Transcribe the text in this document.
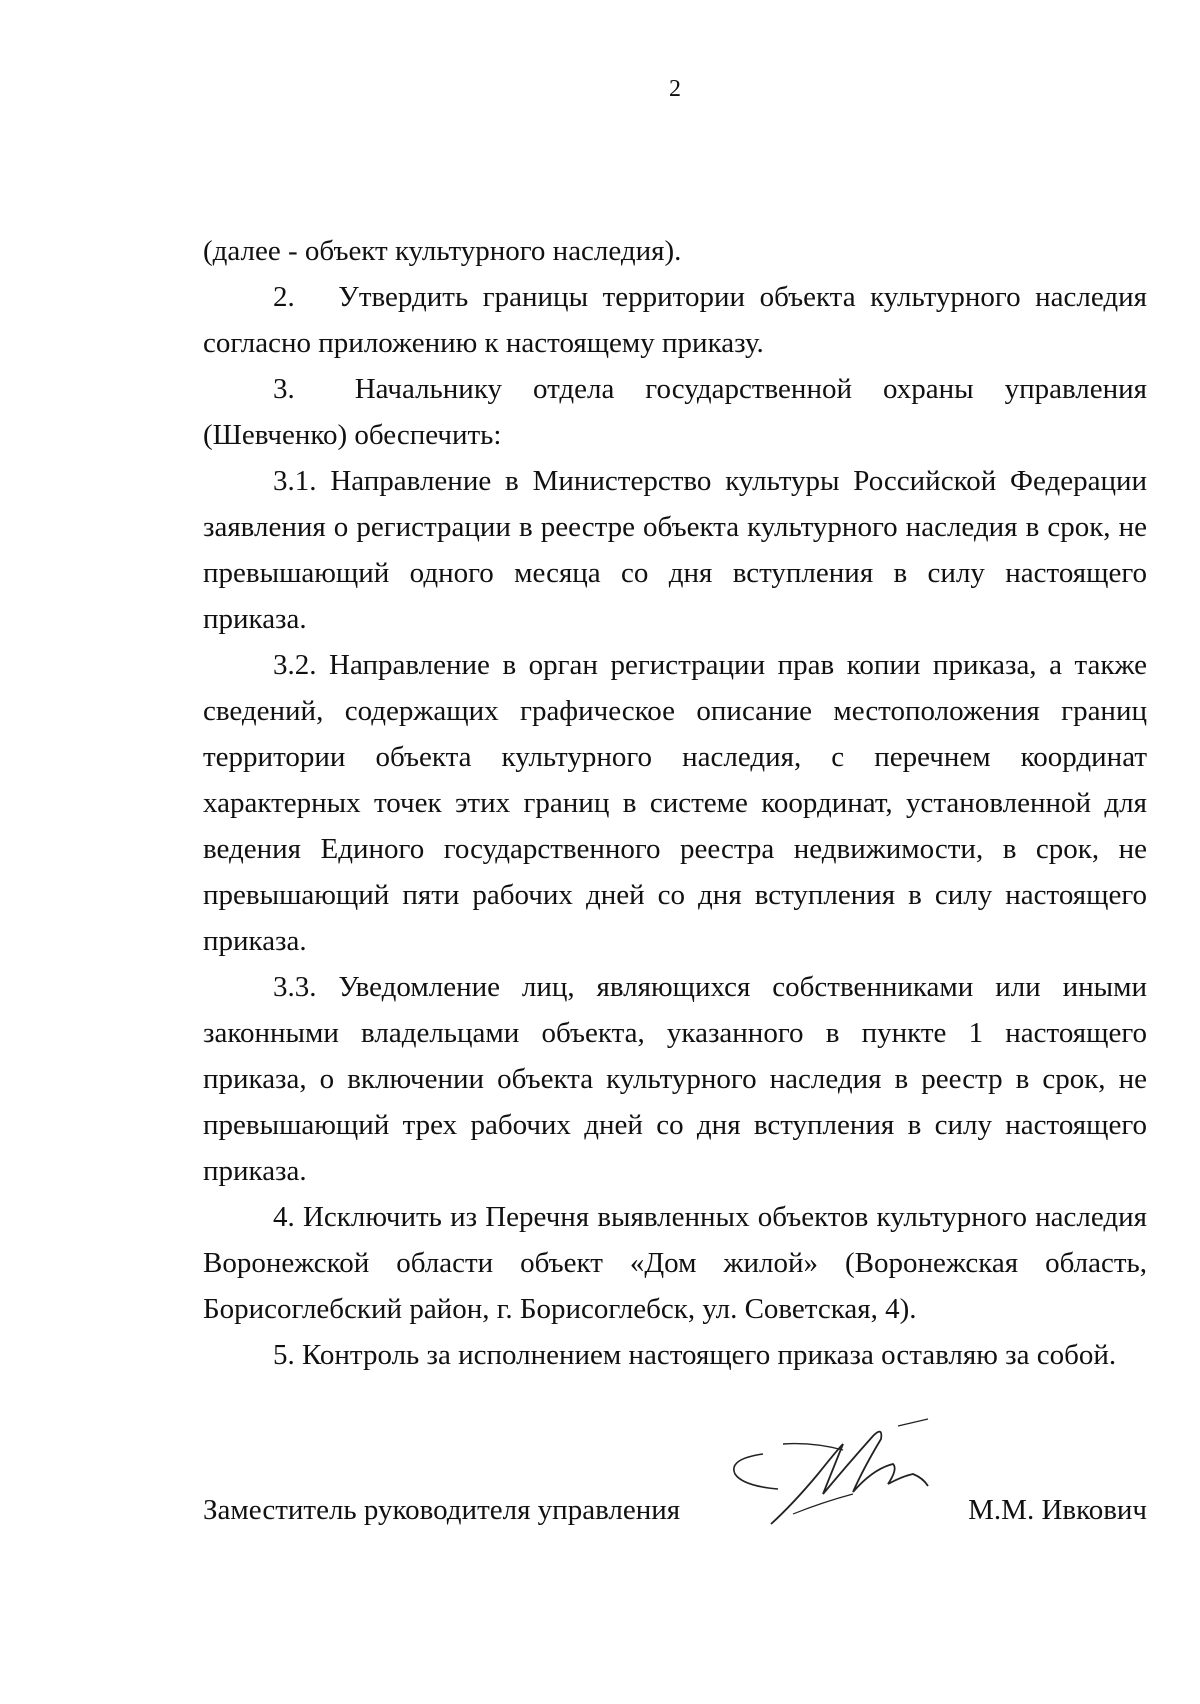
2

(далее - объект культурного наследия).

2.  Утвердить границы территории объекта культурного наследия согласно приложению к настоящему приказу.

3.  Начальнику отдела государственной охраны управления (Шевченко) обеспечить:

3.1. Направление в Министерство культуры Российской Федерации заявления о регистрации в реестре объекта культурного наследия в срок, не превышающий одного месяца со дня вступления в силу настоящего приказа.

3.2. Направление в орган регистрации прав копии приказа, а также сведений, содержащих графическое описание местоположения границ территории объекта культурного наследия, с перечнем координат характерных точек этих границ в системе координат, установленной для ведения Единого государственного реестра недвижимости, в срок, не превышающий пяти рабочих дней со дня вступления в силу настоящего приказа.

3.3. Уведомление лиц, являющихся собственниками или иными законными владельцами объекта, указанного в пункте 1 настоящего приказа, о включении объекта культурного наследия в реестр в срок, не превышающий трех рабочих дней со дня вступления в силу настоящего приказа.

4. Исключить из Перечня выявленных объектов культурного наследия Воронежской области объект «Дом жилой» (Воронежская область, Борисоглебский район, г. Борисоглебск, ул. Советская, 4).

5. Контроль за исполнением настоящего приказа оставляю за собой.

Заместитель руководителя управления	М.М. Ивкович
